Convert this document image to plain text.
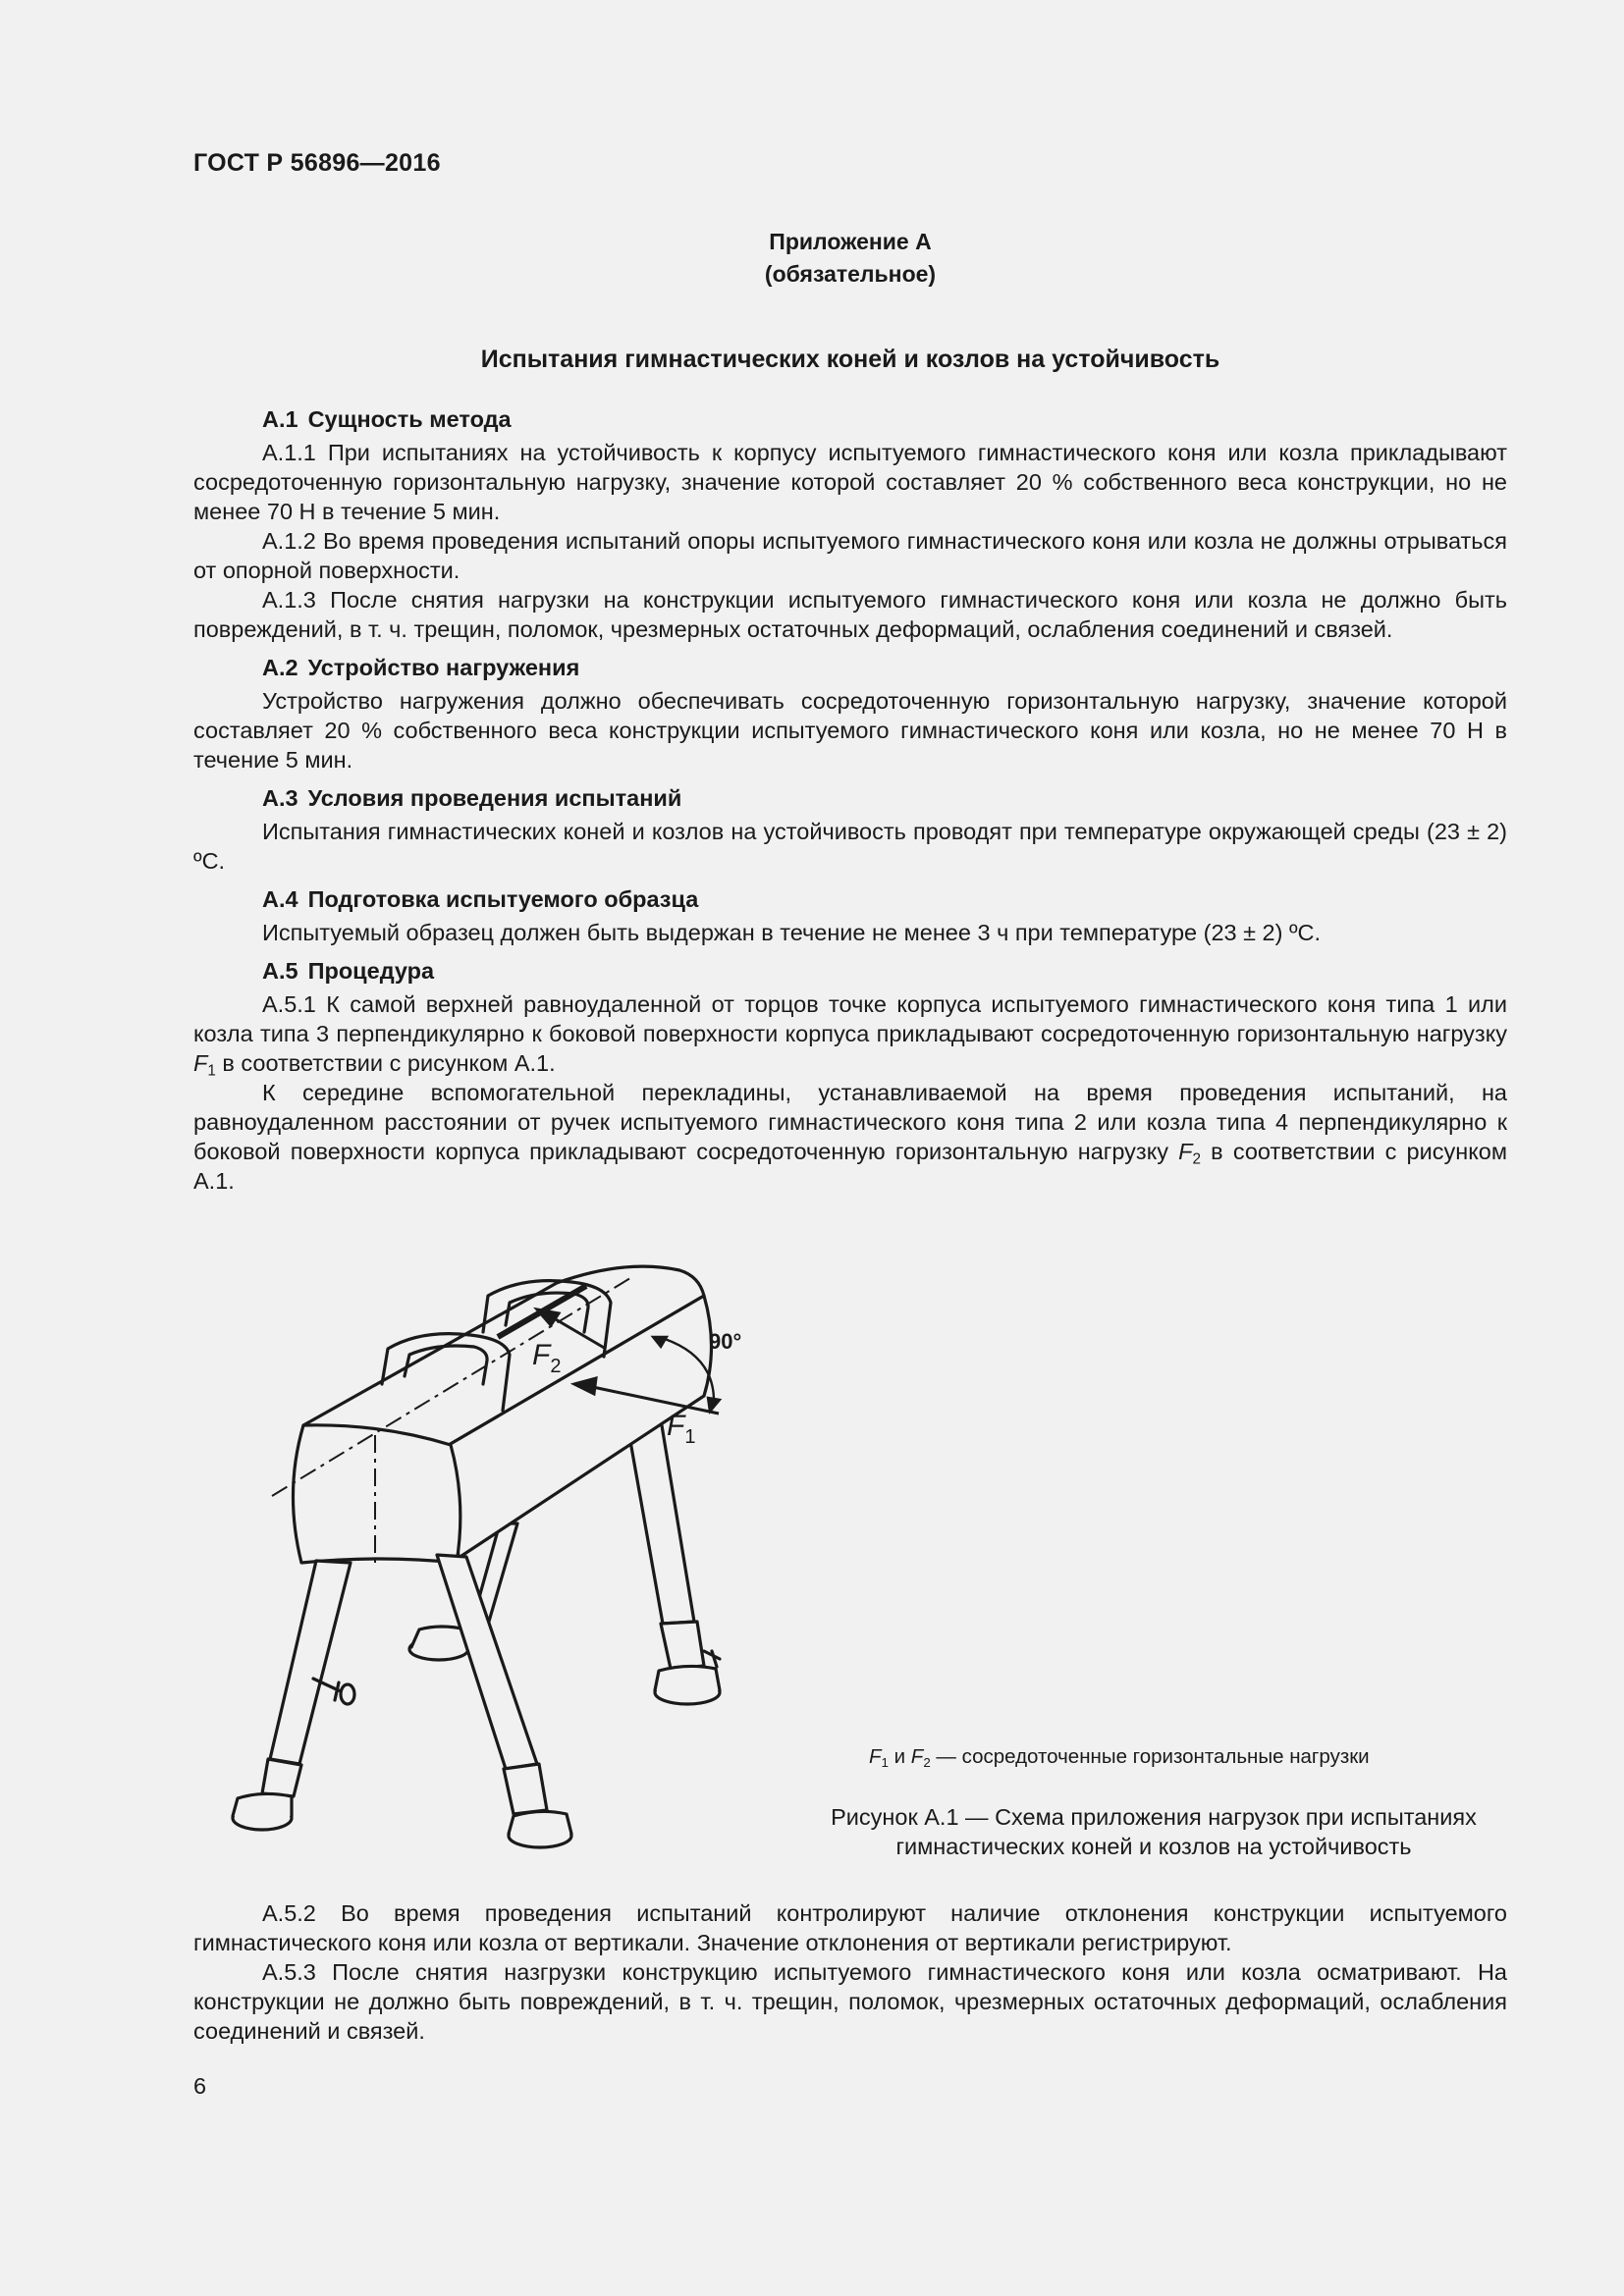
ГОСТ Р 56896—2016
Приложение А
(обязательное)
Испытания гимнастических коней и козлов на устойчивость
А.1 Сущность метода

А.1.1 При испытаниях на устойчивость к корпусу испытуемого гимнастического коня или козла прикладывают сосредоточенную горизонтальную нагрузку, значение которой составляет 20 % собственного веса конструкции, но не менее 70 Н в течение 5 мин.

А.1.2 Во время проведения испытаний опоры испытуемого гимнастического коня или козла не должны отрываться от опорной поверхности.

А.1.3 После снятия нагрузки на конструкции испытуемого гимнастического коня или козла не должно быть повреждений, в т. ч. трещин, поломок, чрезмерных остаточных деформаций, ослабления соединений и связей.

А.2 Устройство нагружения

Устройство нагружения должно обеспечивать сосредоточенную горизонтальную нагрузку, значение которой составляет 20 % собственного веса конструкции испытуемого гимнастического коня или козла, но не менее 70 Н в течение 5 мин.

А.3 Условия проведения испытаний

Испытания гимнастических коней и козлов на устойчивость проводят при температуре окружающей среды (23 ± 2) ºС.

А.4 Подготовка испытуемого образца

Испытуемый образец должен быть выдержан в течение не менее 3 ч при температуре (23 ± 2) ºС.

А.5 Процедура

А.5.1 К самой верхней равноудаленной от торцов точке корпуса испытуемого гимнастического коня типа 1 или козла типа 3 перпендикулярно к боковой поверхности корпуса прикладывают сосредоточенную горизонтальную нагрузку $F_1$ в соответствии с рисунком А.1.

К середине вспомогательной перекладины, устанавливаемой на время проведения испытаний, на равноудаленном расстоянии от ручек испытуемого гимнастического коня типа 2 или козла типа 4 перпендикулярно к боковой поверхности корпуса прикладывают сосредоточенную горизонтальную нагрузку $F_2$ в соответствии с рисунком А.1.

90°
$F_2$
$F_1$
$F_1$ и $F_2$ — сосредоточенные горизонтальные нагрузки
Рисунок А.1 — Схема приложения нагрузок при испытаниях
гимнастических коней и козлов на устойчивость

А.5.2 Во время проведения испытаний контролируют наличие отклонения конструкции испытуемого гимнастического коня или козла от вертикали. Значение отклонения от вертикали регистрируют.

А.5.3 После снятия назгрузки конструкцию испытуемого гимнастического коня или козла осматривают. На конструкции не должно быть повреждений, в т. ч. трещин, поломок, чрезмерных остаточных деформаций, ослабления соединений и связей.

6
